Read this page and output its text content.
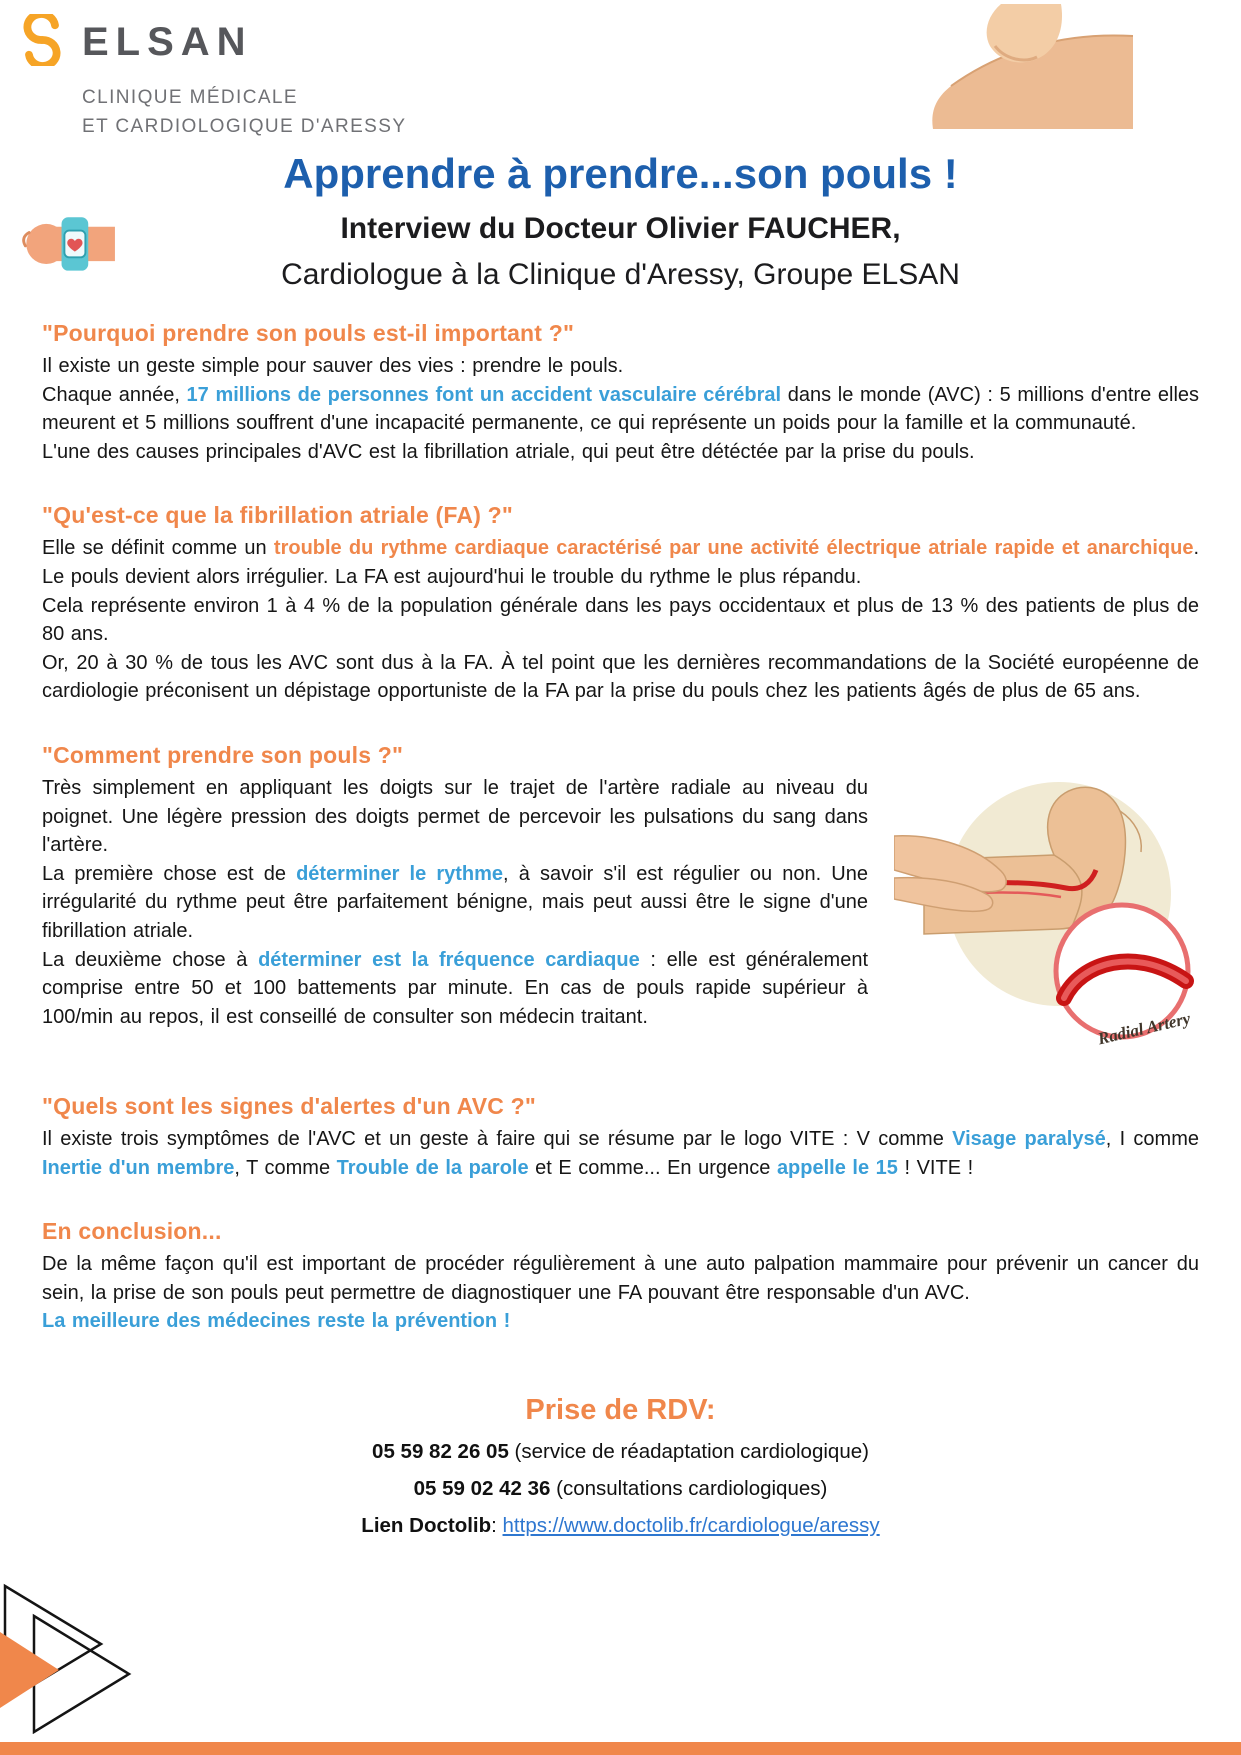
ELSAN
CLINIQUE MÉDICALE
ET CARDIOLOGIQUE D'ARESSY
Apprendre à prendre...son pouls !
Interview du Docteur Olivier FAUCHER,
Cardiologue à la Clinique d'Aressy, Groupe ELSAN
"Pourquoi prendre son pouls est-il important ?"

Il existe un geste simple pour sauver des vies : prendre le pouls.

Chaque année, 17 millions de personnes font un accident vasculaire cérébral dans le monde (AVC) : 5 millions d'entre elles meurent et 5 millions souffrent d'une incapacité permanente, ce qui représente un poids pour la famille et la communauté.

L'une des causes principales d'AVC est la fibrillation atriale, qui peut être détéctée par la prise du pouls.

"Qu'est-ce que la fibrillation atriale (FA) ?"

Elle se définit comme un trouble du rythme cardiaque caractérisé par une activité électrique atriale rapide et anarchique. Le pouls devient alors irrégulier. La FA est aujourd'hui le trouble du rythme le plus répandu.

Cela représente environ 1 à 4 % de la population générale dans les pays occidentaux et plus de 13 % des patients de plus de 80 ans.

Or, 20 à 30 % de tous les AVC sont dus à la FA. À tel point que les dernières recommandations de la Société européenne de cardiologie préconisent un dépistage opportuniste de la FA par la prise du pouls chez les patients âgés de plus de 65 ans.

"Comment prendre son pouls ?"
Radial Artery

Très simplement en appliquant les doigts sur le trajet de l'artère radiale au niveau du poignet. Une légère pression des doigts permet de percevoir les pulsations du sang dans l'artère.

La première chose est de déterminer le rythme, à savoir s'il est régulier ou non. Une irrégularité du rythme peut être parfaitement bénigne, mais peut aussi être le signe d'une fibrillation atriale.

La deuxième chose à déterminer est la fréquence cardiaque : elle est généralement comprise entre 50 et 100 battements par minute. En cas de pouls rapide supérieur à 100/min au repos, il est conseillé de consulter son médecin traitant.

"Quels sont les signes d'alertes d'un AVC ?"

Il existe trois symptômes de l'AVC et un geste à faire qui se résume par le logo VITE : V comme Visage paralysé, I comme Inertie d'un membre, T comme Trouble de la parole et E comme... En urgence appelle le 15 ! VITE !

En conclusion...

De la même façon qu'il est important de procéder régulièrement à une auto palpation mammaire pour prévenir un cancer du sein, la prise de son pouls peut permettre de diagnostiquer une FA pouvant être responsable d'un AVC.

La meilleure des médecines reste la prévention !

Prise de RDV:
05 59 82 26 05 (service de réadaptation cardiologique)
05 59 02 42 36 (consultations cardiologiques)
Lien Doctolib: https://www.doctolib.fr/cardiologue/aressy
